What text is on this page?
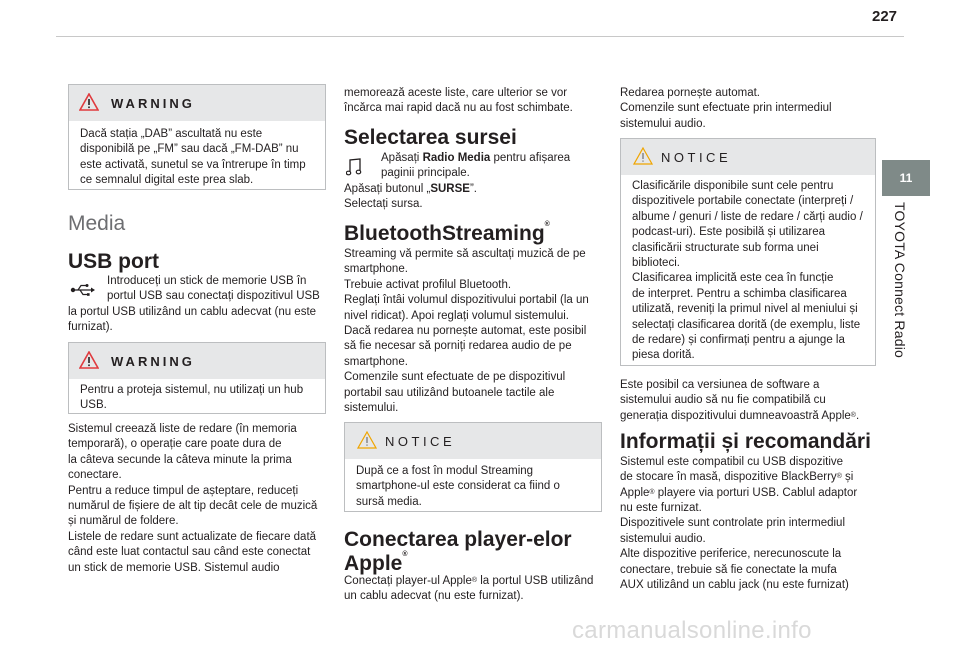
227
11
TOYOTA Connect Radio
WARNING
Dacă stația „DAB” ascultată nu este
disponibilă pe „FM” sau dacă „FM-DAB” nu
este activată, sunetul se va întrerupe în timp
ce semnalul digital este prea slab.
Media
USB port
Introduceți un stick de memorie USB în
portul USB sau conectați dispozitivul USB
la portul USB utilizând un cablu adecvat (nu este
furnizat).
WARNING
Pentru a proteja sistemul, nu utilizați un hub
USB.
Sistemul creează liste de redare (în memoria
temporară), o operație care poate dura de
la câteva secunde la câteva minute la prima
conectare.
Pentru a reduce timpul de așteptare, reduceți
numărul de fișiere de alt tip decât cele de muzică
și numărul de foldere.
Listele de redare sunt actualizate de fiecare dată
când este luat contactul sau când este conectat
un stick de memorie USB. Sistemul audio
memorează aceste liste, care ulterior se vor
încărca mai rapid dacă nu au fost schimbate.
Selectarea sursei
Apăsați Radio Media pentru afișarea
paginii principale.
Apăsați butonul „SURSE”.
Selectați sursa.
BluetoothStreaming®
Streaming vă permite să ascultați muzică de pe
smartphone.
Trebuie activat profilul Bluetooth.
Reglați întâi volumul dispozitivului portabil (la un
nivel ridicat). Apoi reglați volumul sistemului.
Dacă redarea nu pornește automat, este posibil
să fie necesar să porniți redarea audio de pe
smartphone.
Comenzile sunt efectuate de pe dispozitivul
portabil sau utilizând butoanele tactile ale
sistemului.
NOTICE
După ce a fost în modul Streaming
smartphone-ul este considerat ca fiind o
sursă media.
Conectarea player-elor
Apple®
Conectați player-ul Apple® la portul USB utilizând
un cablu adecvat (nu este furnizat).
Redarea pornește automat.
Comenzile sunt efectuate prin intermediul
sistemului audio.
NOTICE
Clasificările disponibile sunt cele pentru
dispozitivele portabile conectate (interpreți /
albume / genuri / liste de redare / cărți audio /
podcast-uri). Este posibilă și utilizarea
clasificării structurate sub forma unei
biblioteci.
Clasificarea implicită este cea în funcție
de interpret. Pentru a schimba clasificarea
utilizată, reveniți la primul nivel al meniului și
selectați clasificarea dorită (de exemplu, liste
de redare) și confirmați pentru a ajunge la
piesa dorită.
Este posibil ca versiunea de software a
sistemului audio să nu fie compatibilă cu
generația dispozitivului dumneavoastră Apple®.
Informații și recomandări
Sistemul este compatibil cu USB dispozitive
de stocare în masă, dispozitive BlackBerry® și
Apple® playere via porturi USB. Cablul adaptor
nu este furnizat.
Dispozitivele sunt controlate prin intermediul
sistemului audio.
Alte dispozitive periferice, nerecunoscute la
conectare, trebuie să fie conectate la mufa
AUX utilizând un cablu jack (nu este furnizat)
carmanualsonline.info
